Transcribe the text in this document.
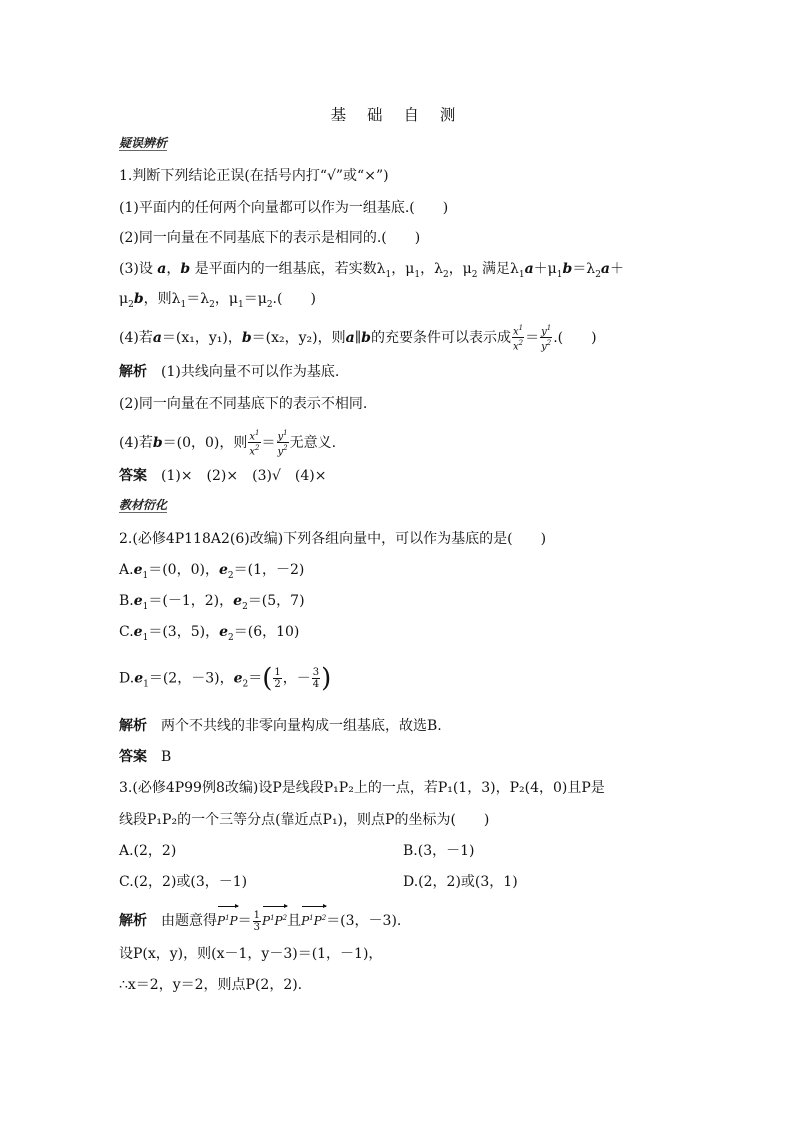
基 础 自 测
疑误辨析
1.判断下列结论正误(在括号内打“√”或“×”)
(1)平面内的任何两个向量都可以作为一组基底.(　　)
(2)同一向量在不同基底下的表示是相同的.(　　)
(3)设 a，b 是平面内的一组基底，若实数$\lambda_1$，$\mu_1$，$\lambda_2$，$\mu_2$ 满足$\lambda_1a+\mu_1b=\lambda_2a+$
$\mu_2b$，则$\lambda_1=\lambda_2$，$\mu_1=\mu_2$.(　　)
(4)若a＝(x₁，y₁)，b＝(x₂，y₂)，则a∥b的充要条件可以表示成 $\frac{x^1}{x^2} = \frac{y^1}{y^2}$ .(　　)
解析　 (1)共线向量不可以作为基底.
(2)同一向量在不同基底下的表示不相同.
(4)若b＝(0，0)，则 $\frac{x^1}{x^2} = \frac{y^1}{y^2}$ 无意义.
答案　 (1)×　(2)×　(3)√　(4)×
教材衍化
2.(必修4P118A2(6)改编)下列各组向量中，可以作为基底的是(　　)
$A.e_1=(0$，0)，$e_2=(1$，－2)
$B.e_1=(-1$，2)，$e_2=(5$，7)
$C.e_1=(3$，5)，$e_2=(6$，10)
$D.e_1=(2$，－3)，$e_2=( \frac{1}{2}$ ，－ $\frac{3}{4}$ )
解析　 两个不共线的非零向量构成一组基底，故选B.
答案　 B
3.(必修4P99例8改编)设P是线段P₁P₂上的一点，若P₁(1，3)，P₂(4，0)且P是
线段P₁P₂的一个三等分点(靠近点P₁)，则点P的坐标为(　　)
A.(2，2)	B.(3，－1)
C.(2，2)或(3，－1)	D.(2，2)或(3，1)
解析　 由题意得$P^1P= \frac{1}{3} P^1P^2$且$P^1P^2=(3$，－3).
设P(x，y)，则(x－1，y－3)＝(1，－1)，
∴x＝2，y＝2，则点P(2，2).
